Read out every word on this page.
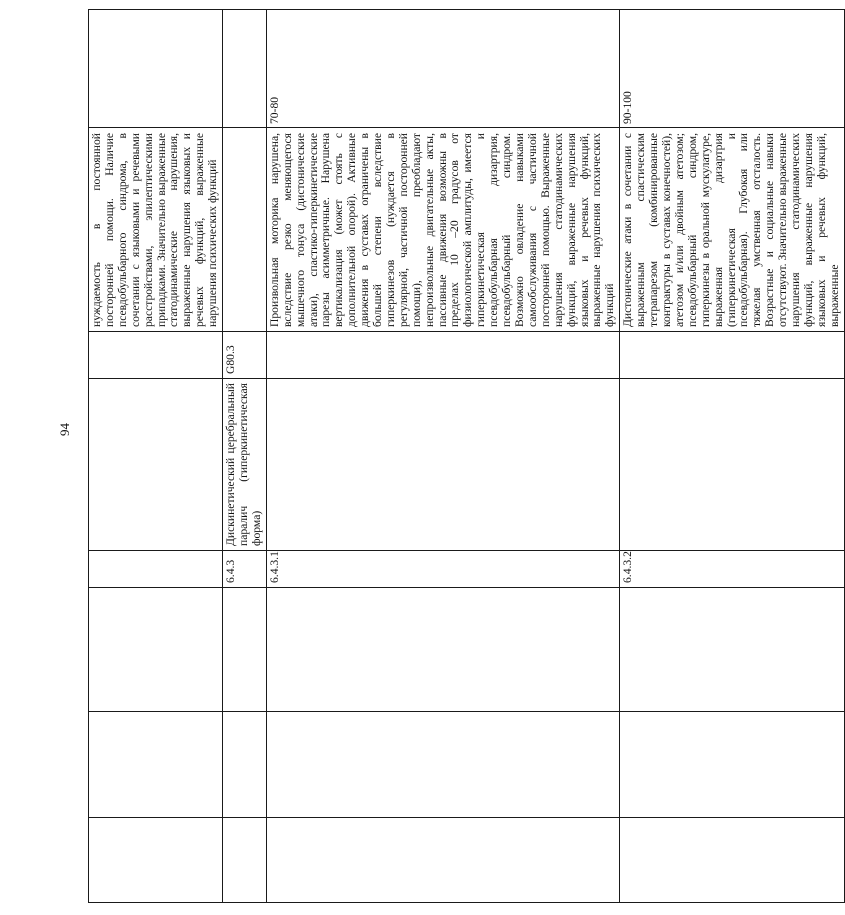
94
						нуждаемость в постоянной посторонней помощи. Наличие псевдобульбарного синдрома, в сочетании с языковыми и речевыми расстройствами, эпилептическими припадками. Значительно выраженные статодинамические нарушения, выраженные нарушения языковых и речевых функций, выраженные нарушения психических функций	
			6.4.3	Дискинетический церебральный паралич (гиперкинетическая форма)	G80.3		
			6.4.3.1			Произвольная моторика нарушена, вследствие резко меняющегося мышечного тонуса (дистонические атаки), спастико-гиперкинетические парезы асимметричные. Нарушена вертикализация (может стоять с дополнительной опорой). Активные движения в суставах ограничены в большей степени вследствие гиперкинезов (нуждается в регулярной, частичной посторонней помощи), преобладают непроизвольные двигательные акты, пассивные движения возможны в пределах 10 –20 градусов от физиологической амплитуды, имеется гиперкинетическая и псевдобульбарная дизартрия, псевдобульбарный синдром. Возможно овладение навыками самообслуживания с частичной посторонней помощью. Выраженные нарушения статодинамических функций, выраженные нарушения языковых и речевых функций, выраженные нарушения психических функций	70-80
			6.4.3.2			Дистонические атаки в сочетании с выраженным спастическим тетрапарезом (комбинированные контрактуры в суставах конечностей), атетозом и/или двойным атетозом; псевдобульбарный синдром, гиперкинезы в оральной мускулатуре, выраженная дизартрия (гиперкинетическая и псевдобульбарная). Глубокая или тяжелая умственная отсталость. Возрастные и социальные навыки отсутствуют. Значительно выраженные нарушения статодинамических функций, выраженные нарушения языковых и речевых функций, выраженные	90-100
